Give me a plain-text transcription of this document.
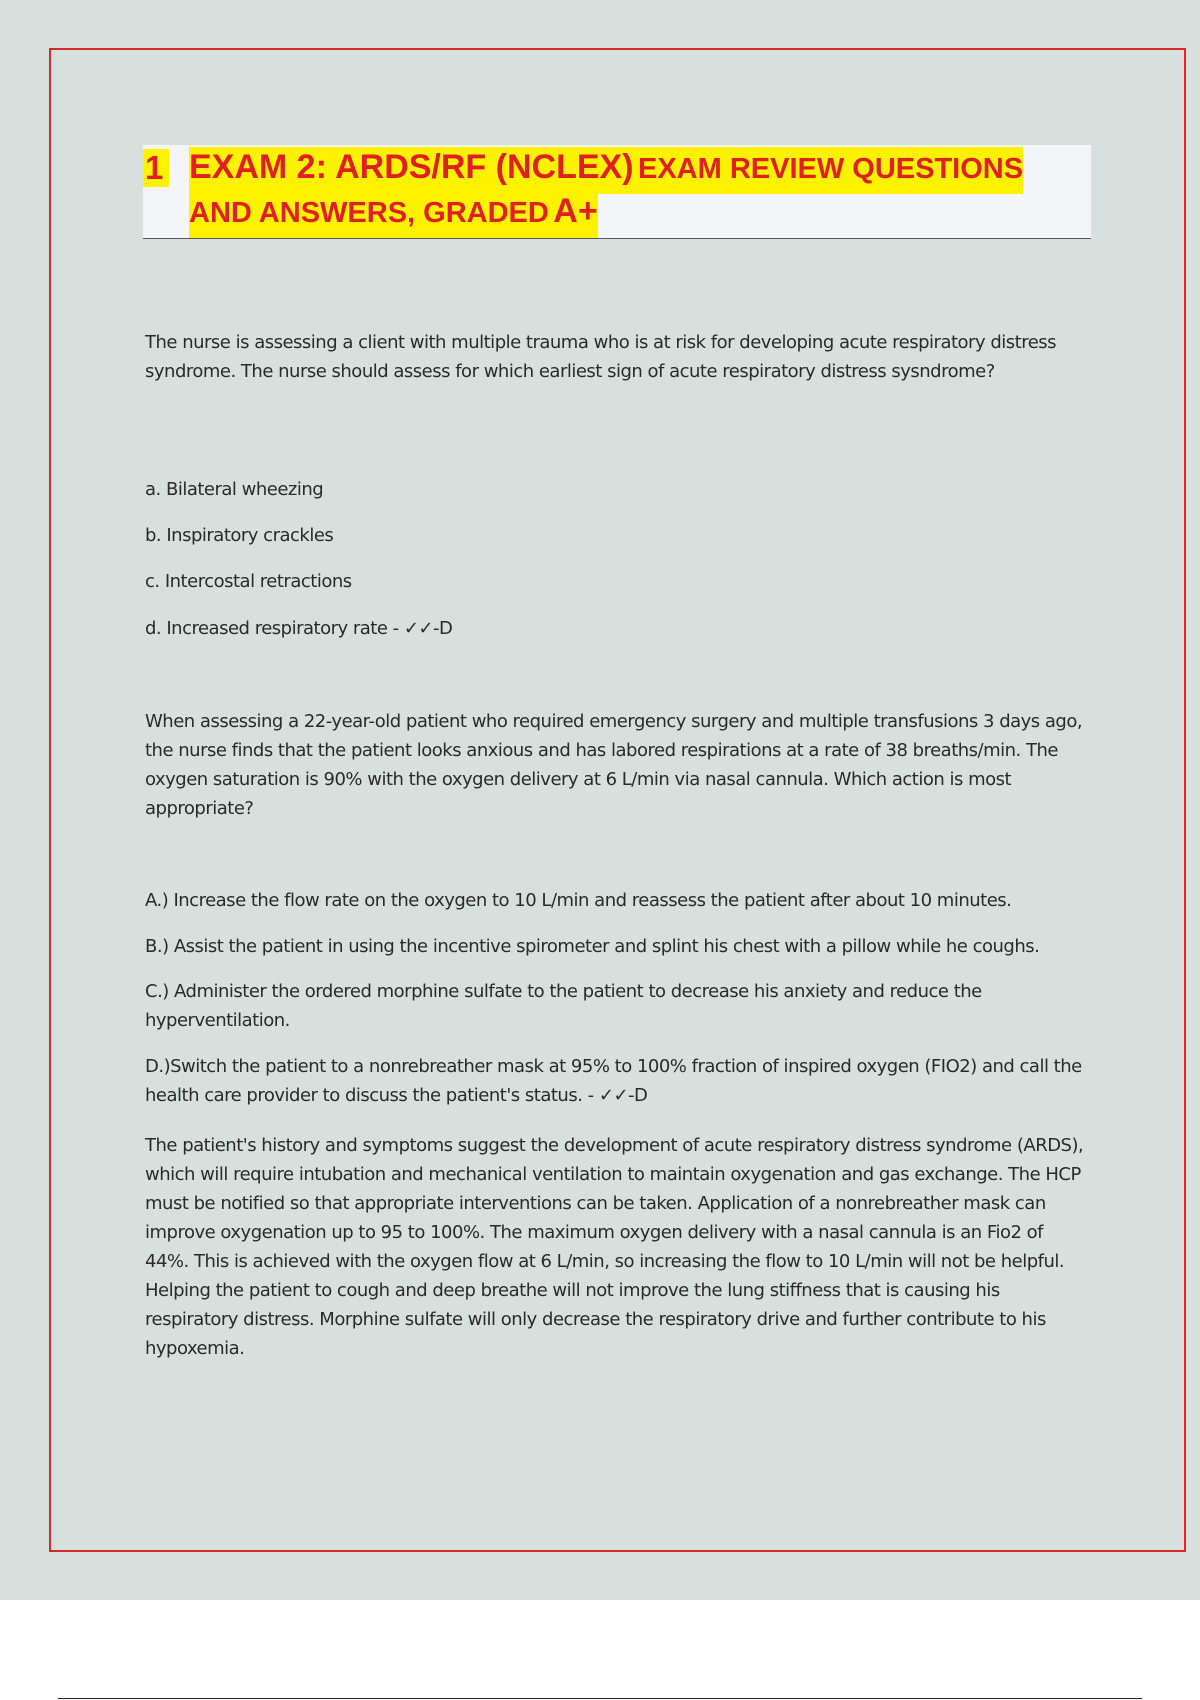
1 EXAM 2: ARDS/RF (NCLEX) EXAM REVIEW QUESTIONS
AND ANSWERS, GRADED A+

The nurse is assessing a client with multiple trauma who is at risk for developing acute respiratory distress syndrome. The nurse should assess for which earliest sign of acute respiratory distress sysndrome?

a. Bilateral wheezing
b. Inspiratory crackles
c. Intercostal retractions
d. Increased respiratory rate - ✓✓-D

When assessing a 22-year-old patient who required emergency surgery and multiple transfusions 3 days ago, the nurse finds that the patient looks anxious and has labored respirations at a rate of 38 breaths/min. The oxygen saturation is 90% with the oxygen delivery at 6 L/min via nasal cannula. Which action is most appropriate?

A.) Increase the flow rate on the oxygen to 10 L/min and reassess the patient after about 10 minutes.

B.) Assist the patient in using the incentive spirometer and splint his chest with a pillow while he coughs.

C.) Administer the ordered morphine sulfate to the patient to decrease his anxiety and reduce the hyperventilation.

D.)Switch the patient to a nonrebreather mask at 95% to 100% fraction of inspired oxygen (FIO2) and call the health care provider to discuss the patient's status. - ✓✓-D

The patient's history and symptoms suggest the development of acute respiratory distress syndrome (ARDS), which will require intubation and mechanical ventilation to maintain oxygenation and gas exchange. The HCP must be notified so that appropriate interventions can be taken. Application of a nonrebreather mask can improve oxygenation up to 95 to 100%. The maximum oxygen delivery with a nasal cannula is an Fio2 of 44%. This is achieved with the oxygen flow at 6 L/min, so increasing the flow to 10 L/min will not be helpful. Helping the patient to cough and deep breathe will not improve the lung stiffness that is causing his respiratory distress. Morphine sulfate will only decrease the respiratory drive and further contribute to his hypoxemia.
